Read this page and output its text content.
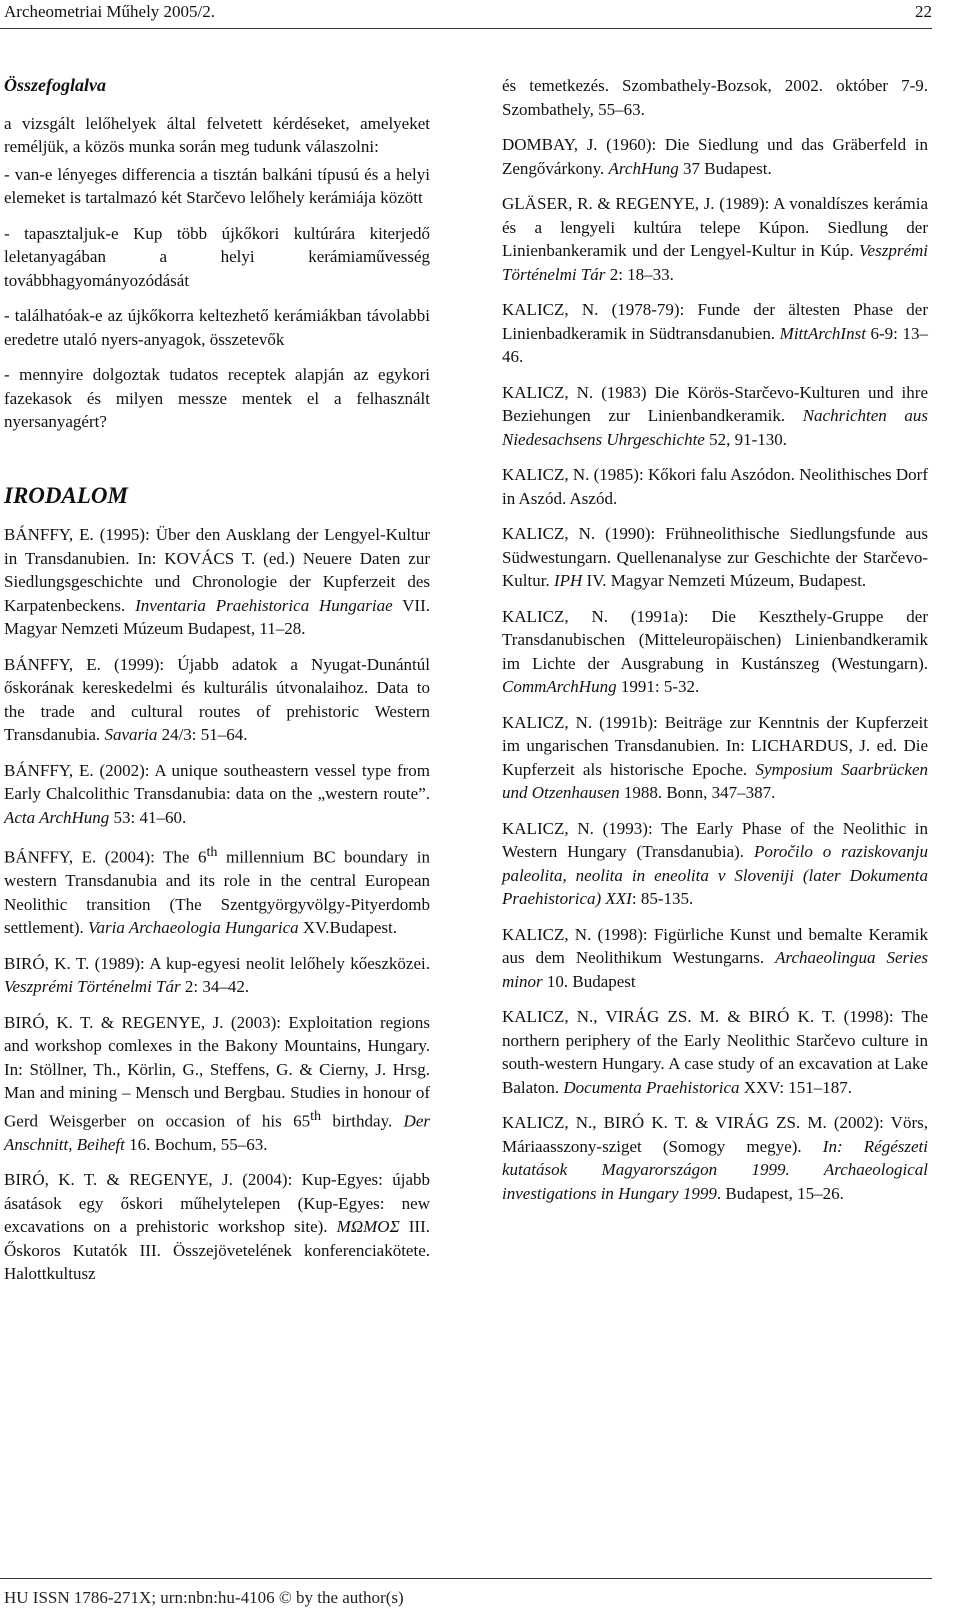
Archeometriai Műhely 2005/2.	22
Összefoglalva

a vizsgált lelőhelyek által felvetett kérdéseket, amelyeket reméljük, a közös munka során meg tudunk válaszolni:

- van-e lényeges differencia a tisztán balkáni típusú és a helyi elemeket is tartalmazó két Starčevo lelőhely kerámiája között

- tapasztaljuk-e Kup több újkőkori kultúrára kiterjedő leletanyagában a helyi kerámiaművesség továbbhagyományozódását

- találhatóak-e az újkőkorra keltezhető kerámiákban távolabbi eredetre utaló nyers-anyagok, összetevők

- mennyire dolgoztak tudatos receptek alapján az egykori fazekasok és milyen messze mentek el a felhasznált nyersanyagért?

IRODALOM

BÁNFFY, E. (1995): Über den Ausklang der Lengyel-Kultur in Transdanubien. In: KOVÁCS T. (ed.) Neuere Daten zur Siedlungsgeschichte und Chronologie der Kupferzeit des Karpatenbeckens. Inventaria Praehistorica Hungariae VII. Magyar Nemzeti Múzeum Budapest, 11–28.

BÁNFFY, E. (1999): Újabb adatok a Nyugat-Dunántúl őskorának kereskedelmi és kulturális útvonalaihoz. Data to the trade and cultural routes of prehistoric Western Transdanubia. Savaria 24/3: 51–64.

BÁNFFY, E. (2002): A unique southeastern vessel type from Early Chalcolithic Transdanubia: data on the „western route”. Acta ArchHung 53: 41–60.

BÁNFFY, E. (2004): The 6th millennium BC boundary in western Transdanubia and its role in the central European Neolithic transition (The Szentgyörgyvölgy-Pityerdomb settlement). Varia Archaeologia Hungarica XV.Budapest.

BIRÓ, K. T. (1989): A kup-egyesi neolit lelőhely kőeszközei. Veszprémi Történelmi Tár 2: 34–42.

BIRÓ, K. T. & REGENYE, J. (2003): Exploitation regions and workshop comlexes in the Bakony Mountains, Hungary. In: Stöllner, Th., Körlin, G., Steffens, G. & Cierny, J. Hrsg. Man and mining – Mensch und Bergbau. Studies in honour of Gerd Weisgerber on occasion of his 65th birthday. Der Anschnitt, Beiheft 16. Bochum, 55–63.

BIRÓ, K. T. & REGENYE, J. (2004): Kup-Egyes: újabb ásatások egy őskori műhelytelepen (Kup-Egyes: new excavations on a prehistoric workshop site). ΜΩΜΟΣ III. Őskoros Kutatók III. Összejövetelének konferenciakötete. Halottkultusz

és temetkezés. Szombathely-Bozsok, 2002. október 7-9. Szombathely, 55–63.

DOMBAY, J. (1960): Die Siedlung und das Gräberfeld in Zengővárkony. ArchHung 37 Budapest.

GLÄSER, R. & REGENYE, J. (1989): A vonaldíszes kerámia és a lengyeli kultúra telepe Kúpon. Siedlung der Linienbankeramik und der Lengyel-Kultur in Kúp. Veszprémi Történelmi Tár 2: 18–33.

KALICZ, N. (1978-79): Funde der ältesten Phase der Linienbadkeramik in Südtransdanubien. MittArchInst 6-9: 13–46.

KALICZ, N. (1983) Die Körös-Starčevo-Kulturen und ihre Beziehungen zur Linienbandkeramik. Nachrichten aus Niedesachsens Uhrgeschichte 52, 91-130.

KALICZ, N. (1985): Kőkori falu Aszódon. Neolithisches Dorf in Aszód. Aszód.

KALICZ, N. (1990): Frühneolithische Siedlungsfunde aus Südwestungarn. Quellenanalyse zur Geschichte der Starčevo-Kultur. IPH IV. Magyar Nemzeti Múzeum, Budapest.

KALICZ, N. (1991a): Die Keszthely-Gruppe der Transdanubischen (Mitteleuropäischen) Linienbandkeramik im Lichte der Ausgrabung in Kustánszeg (Westungarn). CommArchHung 1991: 5-32.

KALICZ, N. (1991b): Beiträge zur Kenntnis der Kupferzeit im ungarischen Transdanubien. In: LICHARDUS, J. ed. Die Kupferzeit als historische Epoche. Symposium Saarbrücken und Otzenhausen 1988. Bonn, 347–387.

KALICZ, N. (1993): The Early Phase of the Neolithic in Western Hungary (Transdanubia). Poročilo o raziskovanju paleolita, neolita in eneolita v Sloveniji (later Dokumenta Praehistorica) XXI: 85-135.

KALICZ, N. (1998): Figürliche Kunst und bemalte Keramik aus dem Neolithikum Westungarns. Archaeolingua Series minor 10. Budapest

KALICZ, N., VIRÁG ZS. M. & BIRÓ K. T. (1998): The northern periphery of the Early Neolithic Starčevo culture in south-western Hungary. A case study of an excavation at Lake Balaton. Documenta Praehistorica XXV: 151–187.

KALICZ, N., BIRÓ K. T. & VIRÁG ZS. M. (2002): Vörs, Máriaasszony-sziget (Somogy megye). In: Régészeti kutatások Magyarországon 1999. Archaeological investigations in Hungary 1999. Budapest, 15–26.

HU ISSN 1786-271X; urn:nbn:hu-4106 © by the author(s)
